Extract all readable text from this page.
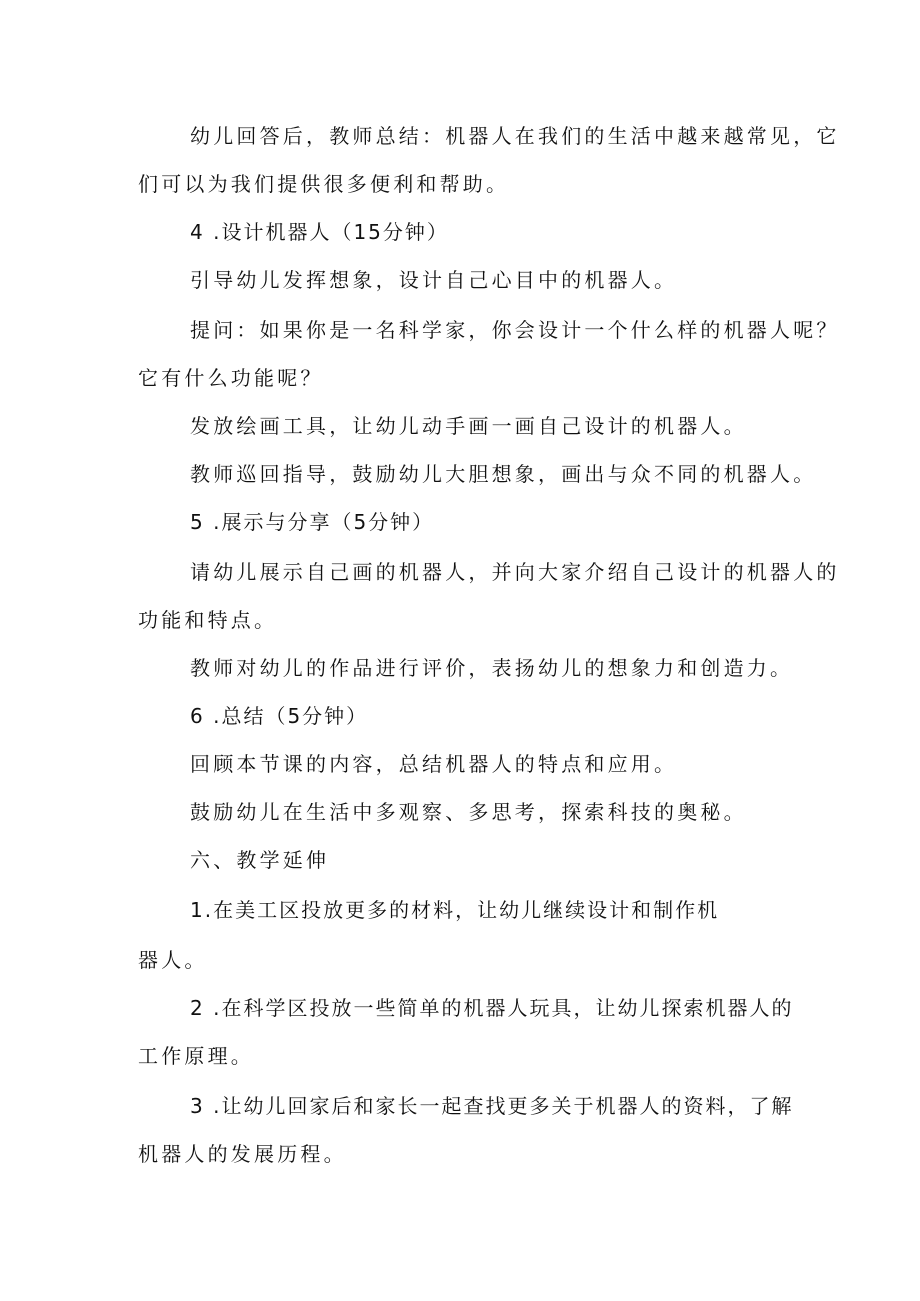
幼儿回答后，教师总结：机器人在我们的生活中越来越常见，它
们可以为我们提供很多便利和帮助。
4 .设计机器人（15分钟）
引导幼儿发挥想象，设计自己心目中的机器人。
提问：如果你是一名科学家，你会设计一个什么样的机器人呢？
它有什么功能呢？
发放绘画工具，让幼儿动手画一画自己设计的机器人。
教师巡回指导，鼓励幼儿大胆想象，画出与众不同的机器人。
5 .展示与分享（5分钟）
请幼儿展示自己画的机器人，并向大家介绍自己设计的机器人的
功能和特点。
教师对幼儿的作品进行评价，表扬幼儿的想象力和创造力。
6 .总结（5分钟）
回顾本节课的内容，总结机器人的特点和应用。
鼓励幼儿在生活中多观察、多思考，探索科技的奥秘。
六、教学延伸
1.在美工区投放更多的材料，让幼儿继续设计和制作机
器人。
2 .在科学区投放一些简单的机器人玩具，让幼儿探索机器人的
工作原理。
3 .让幼儿回家后和家长一起查找更多关于机器人的资料，了解
机器人的发展历程。
